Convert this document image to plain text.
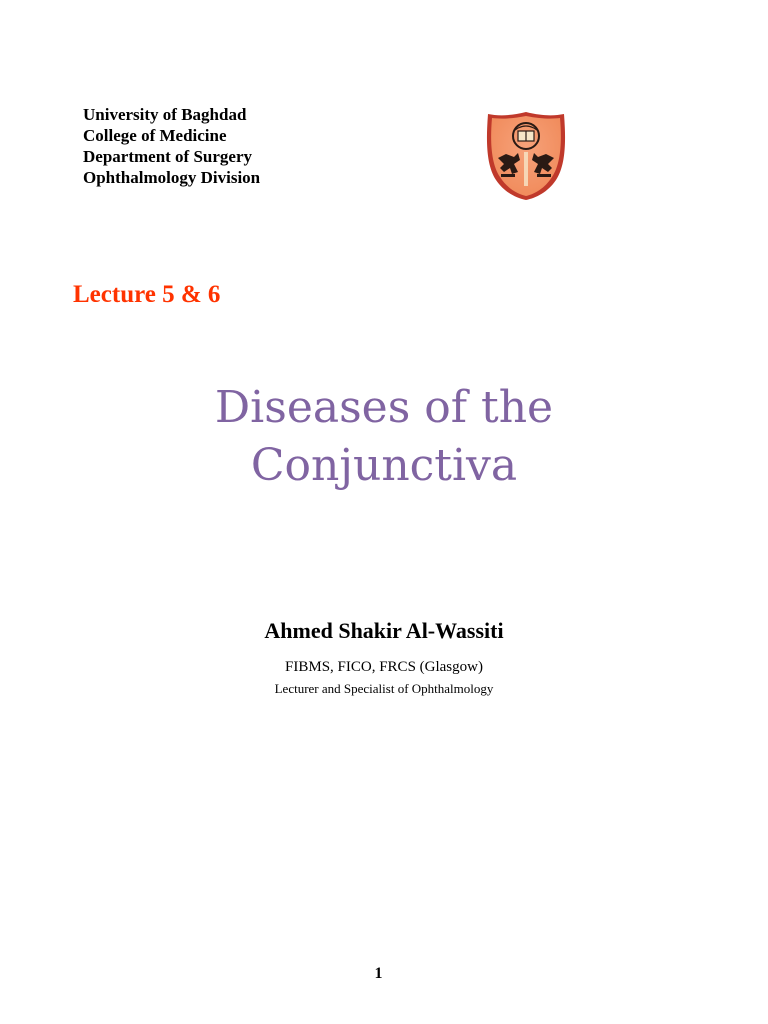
University of Baghdad
College of Medicine
Department of Surgery
Ophthalmology Division
Lecture 5 & 6
Diseases of the
Conjunctiva
Ahmed Shakir Al-Wassiti
FIBMS, FICO, FRCS (Glasgow)
Lecturer and Specialist of Ophthalmology
1
